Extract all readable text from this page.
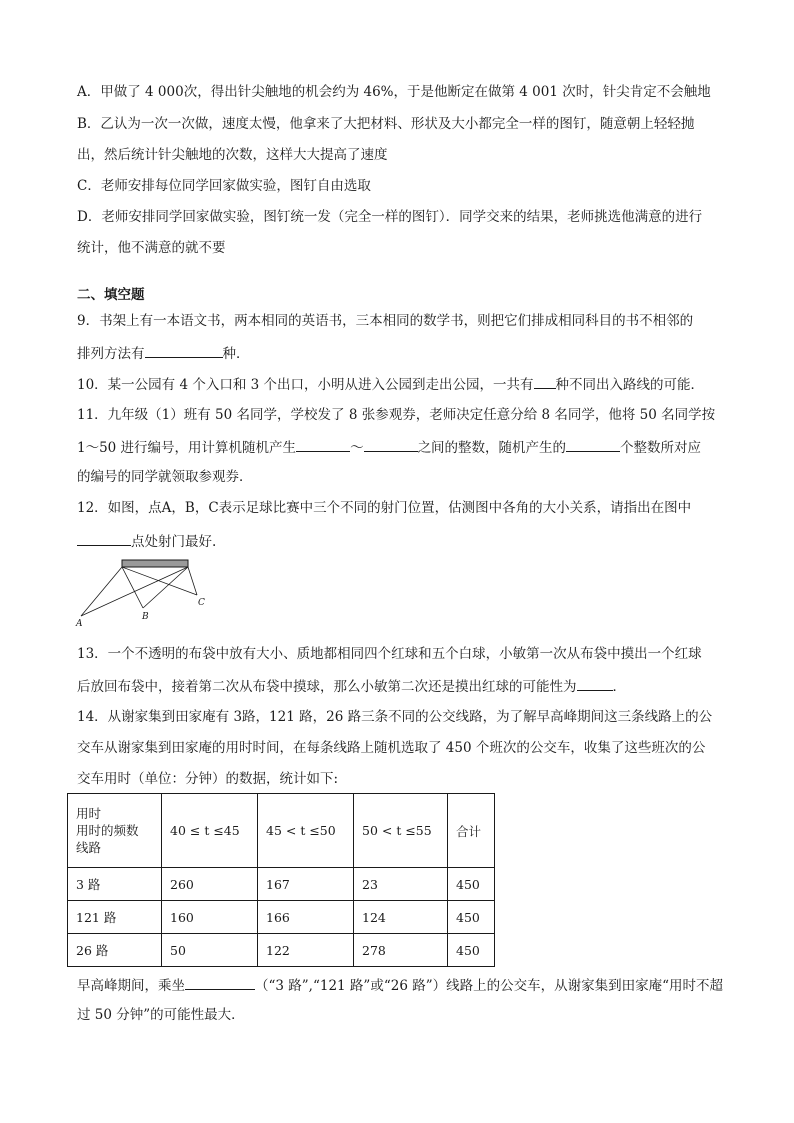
A．甲做了 4 000次，得出针尖触地的机会约为 46%，于是他断定在做第 4 001 次时，针尖肯定不会触地
B．乙认为一次一次做，速度太慢，他拿来了大把材料、形状及大小都完全一样的图钉，随意朝上轻轻抛
出，然后统计针尖触地的次数，这样大大提高了速度
C．老师安排每位同学回家做实验，图钉自由选取
D．老师安排同学回家做实验，图钉统一发（完全一样的图钉）．同学交来的结果，老师挑选他满意的进行
统计，他不满意的就不要
二、填空题
9．书架上有一本语文书，两本相同的英语书，三本相同的数学书，则把它们排成相同科目的书不相邻的
排列方法有	种．
10．某一公园有 4 个入口和 3 个出口，小明从进入公园到走出公园，一共有 种不同出入路线的可能．
11．九年级（1）班有 50 名同学，学校发了 8 张参观券，老师决定任意分给 8 名同学，他将 50 名同学按
1～50 进行编号，用计算机随机产生	～	之间的整数，随机产生的	个整数所对应
的编号的同学就领取参观券．
12．如图，点A，B，C表示足球比赛中三个不同的射门位置，估测图中各角的大小关系，请指出在图中
点处射门最好.
A
B
C
13．一个不透明的布袋中放有大小、质地都相同四个红球和五个白球，小敏第一次从布袋中摸出一个红球
后放回布袋中，接着第二次从布袋中摸球，那么小敏第二次还是摸出红球的可能性为	．
14．从谢家集到田家庵有 3路，121 路，26 路三条不同的公交线路，为了解早高峰期间这三条线路上的公
交车从谢家集到田家庵的用时时间，在每条线路上随机选取了 450 个班次的公交车，收集了这些班次的公
交车用时（单位：分钟）的数据，统计如下:
用时
用时的频数
线路	40 ≤ t ≤45	45 < t ≤50	50 < t ≤55	合计
3 路	260	167	23	450
121 路	160	166	124	450
26 路	50	122	278	450
早高峰期间，乘坐	（“3 路”,“121 路”或“26 路”）线路上的公交车，从谢家集到田家庵“用时不超
过 50 分钟”的可能性最大．
